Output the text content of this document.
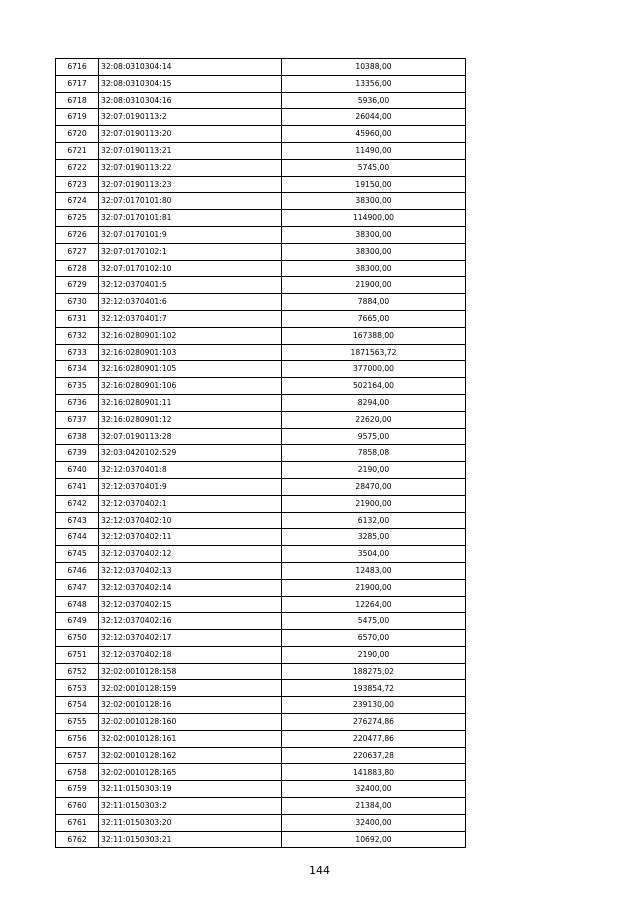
6716	32:08:0310304:14	10388,00
6717	32:08:0310304:15	13356,00
6718	32:08:0310304:16	5936,00
6719	32:07:0190113:2	26044,00
6720	32:07:0190113:20	45960,00
6721	32:07:0190113:21	11490,00
6722	32:07:0190113:22	5745,00
6723	32:07:0190113:23	19150,00
6724	32:07:0170101:80	38300,00
6725	32:07:0170101:81	114900,00
6726	32:07:0170101:9	38300,00
6727	32:07:0170102:1	38300,00
6728	32:07:0170102:10	38300,00
6729	32:12:0370401:5	21900,00
6730	32:12:0370401:6	7884,00
6731	32:12:0370401:7	7665,00
6732	32:16:0280901:102	167388,00
6733	32:16:0280901:103	1871563,72
6734	32:16:0280901:105	377000,00
6735	32:16:0280901:106	502164,00
6736	32:16:0280901:11	8294,00
6737	32:16:0280901:12	22620,00
6738	32:07:0190113:28	9575,00
6739	32:03:0420102:529	7858,08
6740	32:12:0370401:8	2190,00
6741	32:12:0370401:9	28470,00
6742	32:12:0370402:1	21900,00
6743	32:12:0370402:10	6132,00
6744	32:12:0370402:11	3285,00
6745	32:12:0370402:12	3504,00
6746	32:12:0370402:13	12483,00
6747	32:12:0370402:14	21900,00
6748	32:12:0370402:15	12264,00
6749	32:12:0370402:16	5475,00
6750	32:12:0370402:17	6570,00
6751	32:12:0370402:18	2190,00
6752	32:02:0010128:158	188275,02
6753	32:02:0010128:159	193854,72
6754	32:02:0010128:16	239130,00
6755	32:02:0010128:160	276274,86
6756	32:02:0010128:161	220477,86
6757	32:02:0010128:162	220637,28
6758	32:02:0010128:165	141883,80
6759	32:11:0150303:19	32400,00
6760	32:11:0150303:2	21384,00
6761	32:11:0150303:20	32400,00
6762	32:11:0150303:21	10692,00
144
